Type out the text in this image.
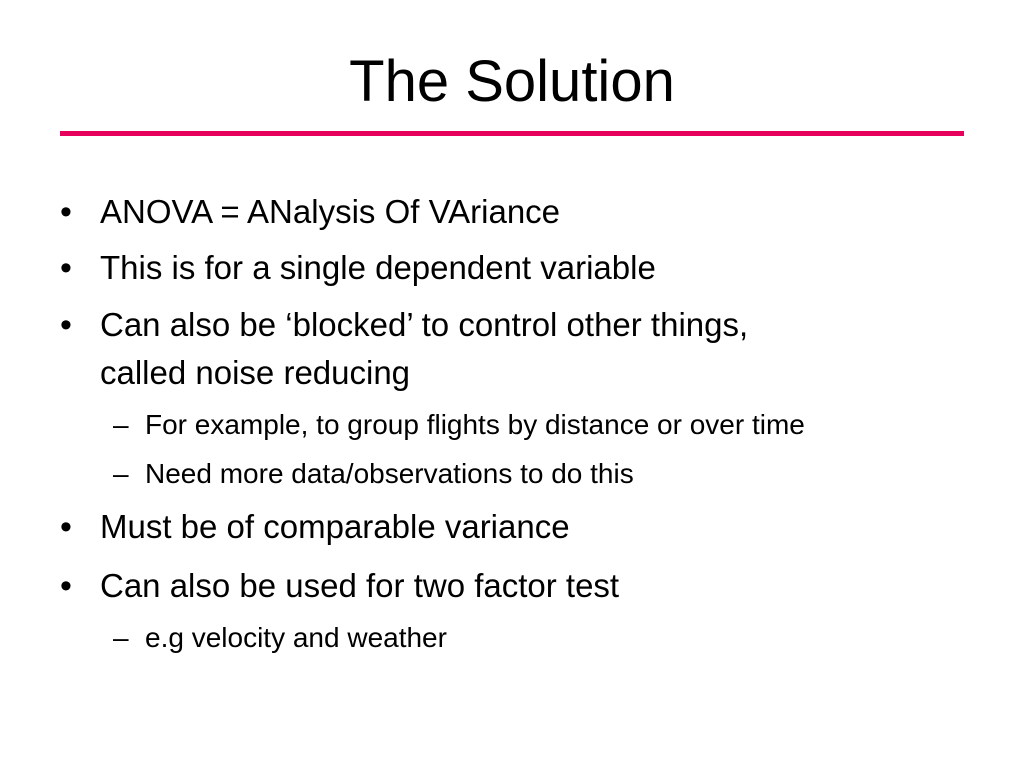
The Solution
• ANOVA = ANalysis Of VAriance
• This is for a single dependent variable
• Can also be ‘blocked’ to control other things,
called noise reducing
– For example, to group flights by distance or over time
– Need more data/observations to do this
• Must be of comparable variance
• Can also be used for two factor test
– e.g velocity and weather
